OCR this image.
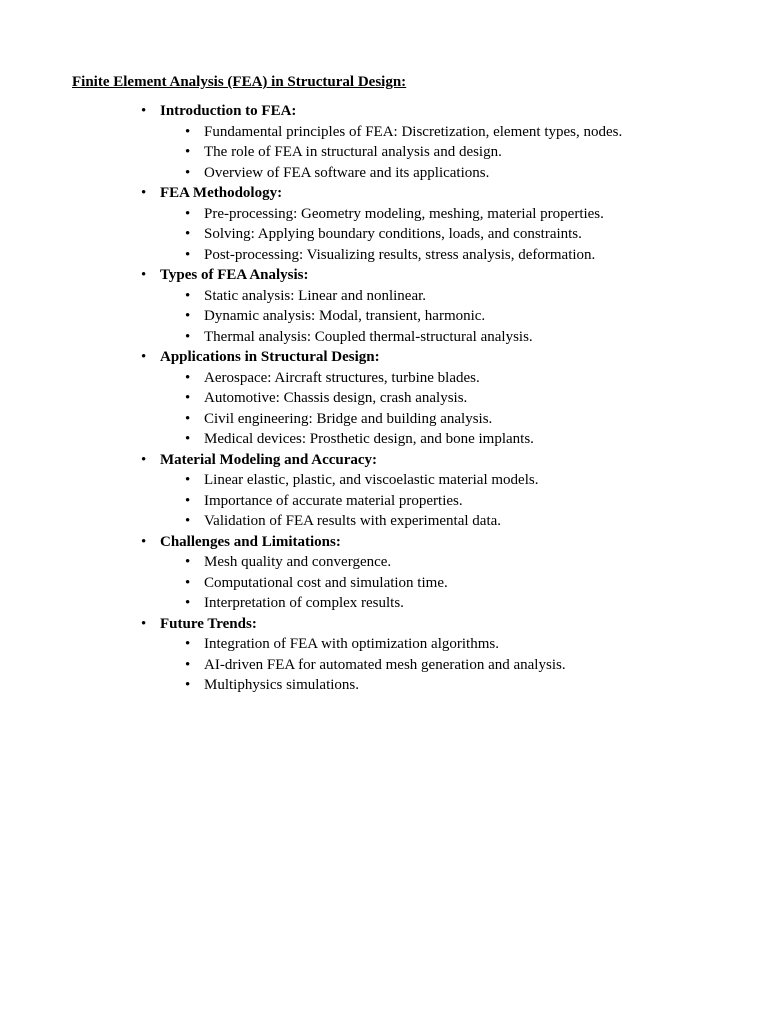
Finite Element Analysis (FEA) in Structural Design:
• Introduction to FEA:
• Fundamental principles of FEA: Discretization, element types, nodes.
• The role of FEA in structural analysis and design.
• Overview of FEA software and its applications.
• FEA Methodology:
• Pre-processing: Geometry modeling, meshing, material properties.
• Solving: Applying boundary conditions, loads, and constraints.
• Post-processing: Visualizing results, stress analysis, deformation.
• Types of FEA Analysis:
• Static analysis: Linear and nonlinear.
• Dynamic analysis: Modal, transient, harmonic.
• Thermal analysis: Coupled thermal-structural analysis.
• Applications in Structural Design:
• Aerospace: Aircraft structures, turbine blades.
• Automotive: Chassis design, crash analysis.
• Civil engineering: Bridge and building analysis.
• Medical devices: Prosthetic design, and bone implants.
• Material Modeling and Accuracy:
• Linear elastic, plastic, and viscoelastic material models.
• Importance of accurate material properties.
• Validation of FEA results with experimental data.
• Challenges and Limitations:
• Mesh quality and convergence.
• Computational cost and simulation time.
• Interpretation of complex results.
• Future Trends:
• Integration of FEA with optimization algorithms.
• AI-driven FEA for automated mesh generation and analysis.
• Multiphysics simulations.
